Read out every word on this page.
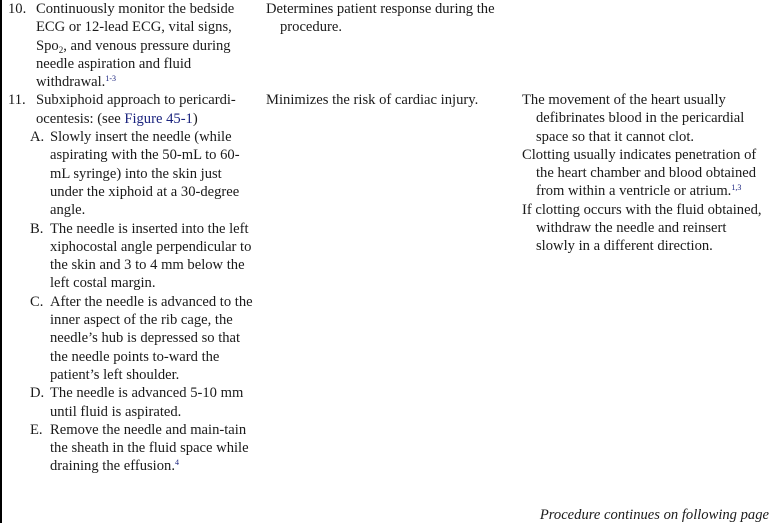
10. Continuously monitor the bedside ECG or 12-lead ECG, vital signs, Spo$_2$, and venous pressure during needle aspiration and fluid withdrawal.$^{1-3}$
11. Subxiphoid approach to pericardi-ocentesis: (see Figure 45-1)
A. Slowly insert the needle (while aspirating with the 50-mL to 60-mL syringe) into the skin just under the xiphoid at a 30-degree angle.
B. The needle is inserted into the left xiphocostal angle perpendicular to the skin and 3 to 4 mm below the left costal margin.
C. After the needle is advanced to the inner aspect of the rib cage, the needle’s hub is depressed so that the needle points to-ward the patient’s left shoulder.
D. The needle is advanced 5-10 mm until fluid is aspirated.
E. Remove the needle and main-tain the sheath in the fluid space while draining the effusion.$^4$
Determines patient response during the procedure.
Minimizes the risk of cardiac injury.	The movement of the heart usually defibrinates blood in the pericardial space so that it cannot clot.
Clotting usually indicates penetration of the heart chamber and blood obtained from within a ventricle or atrium.$^{1,3}$
If clotting occurs with the fluid obtained, withdraw the needle and reinsert slowly in a different direction.
Procedure continues on following page
